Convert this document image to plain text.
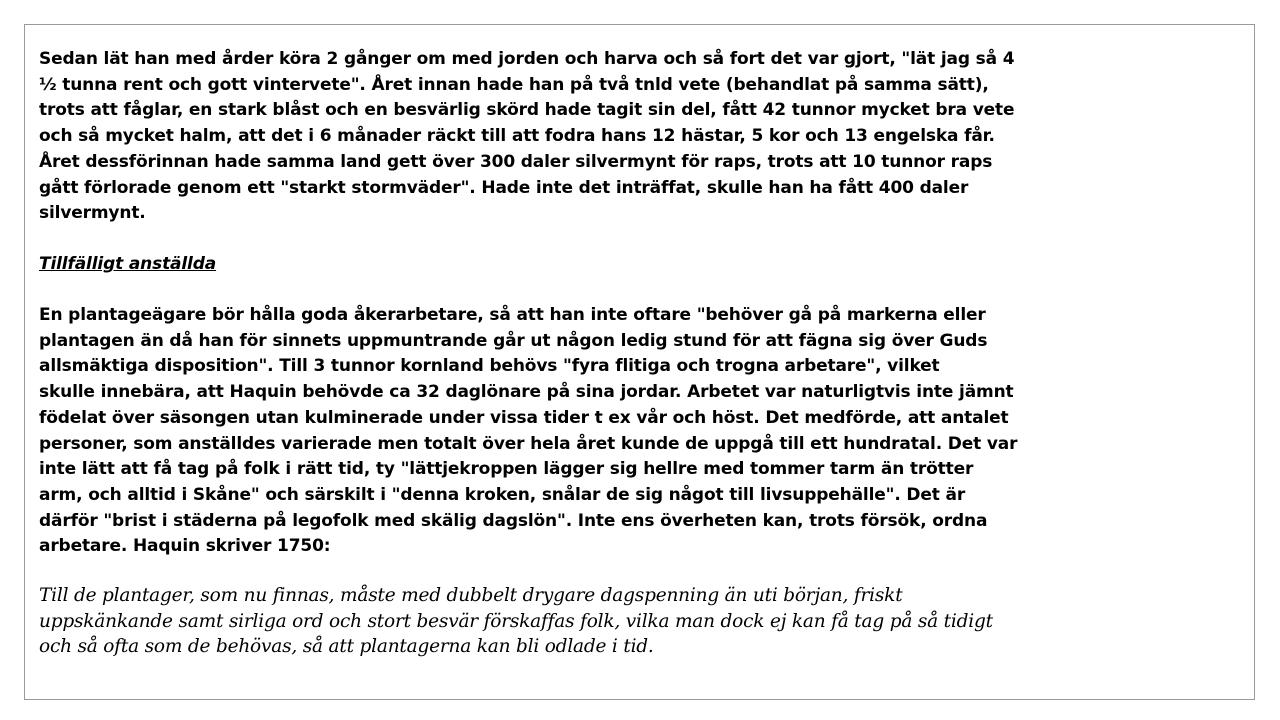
Sedan lät han med årder köra 2 gånger om med jorden och harva och så fort det var gjort, "lät jag så 4
½ tunna rent och gott vintervete". Året innan hade han på två tnld vete (behandlat på samma sätt),
trots att fåglar, en stark blåst och en besvärlig skörd hade tagit sin del, fått 42 tunnor mycket bra vete
och så mycket halm, att det i 6 månader räckt till att fodra hans 12 hästar, 5 kor och 13 engelska får.
Året dessförinnan hade samma land gett över 300 daler silvermynt för raps, trots att 10 tunnor raps
gått förlorade genom ett "starkt stormväder". Hade inte det inträffat, skulle han ha fått 400 daler
silvermynt.

Tillfälligt anställda

En plantageägare bör hålla goda åkerarbetare, så att han inte oftare "behöver gå på markerna eller
plantagen än då han för sinnets uppmuntrande går ut någon ledig stund för att fägna sig över Guds
allsmäktiga disposition". Till 3 tunnor kornland behövs "fyra flitiga och trogna arbetare", vilket
skulle innebära, att Haquin behövde ca 32 daglönare på sina jordar. Arbetet var naturligtvis inte jämnt
födelat över säsongen utan kulminerade under vissa tider t ex vår och höst. Det medförde, att antalet
personer, som anställdes varierade men totalt över hela året kunde de uppgå till ett hundratal. Det var
inte lätt att få tag på folk i rätt tid, ty "lättjekroppen lägger sig hellre med tommer tarm än trötter
arm, och alltid i Skåne" och särskilt i "denna kroken, snålar de sig något till livsuppehälle". Det är
därför "brist i städerna på legofolk med skälig dagslön". Inte ens överheten kan, trots försök, ordna
arbetare. Haquin skriver 1750:

Till de plantager, som nu finnas, måste med dubbelt drygare dagspenning än uti början, friskt
uppskänkande samt sirliga ord och stort besvär förskaffas folk, vilka man dock ej kan få tag på så tidigt
och så ofta som de behövas, så att plantagerna kan bli odlade i tid.
